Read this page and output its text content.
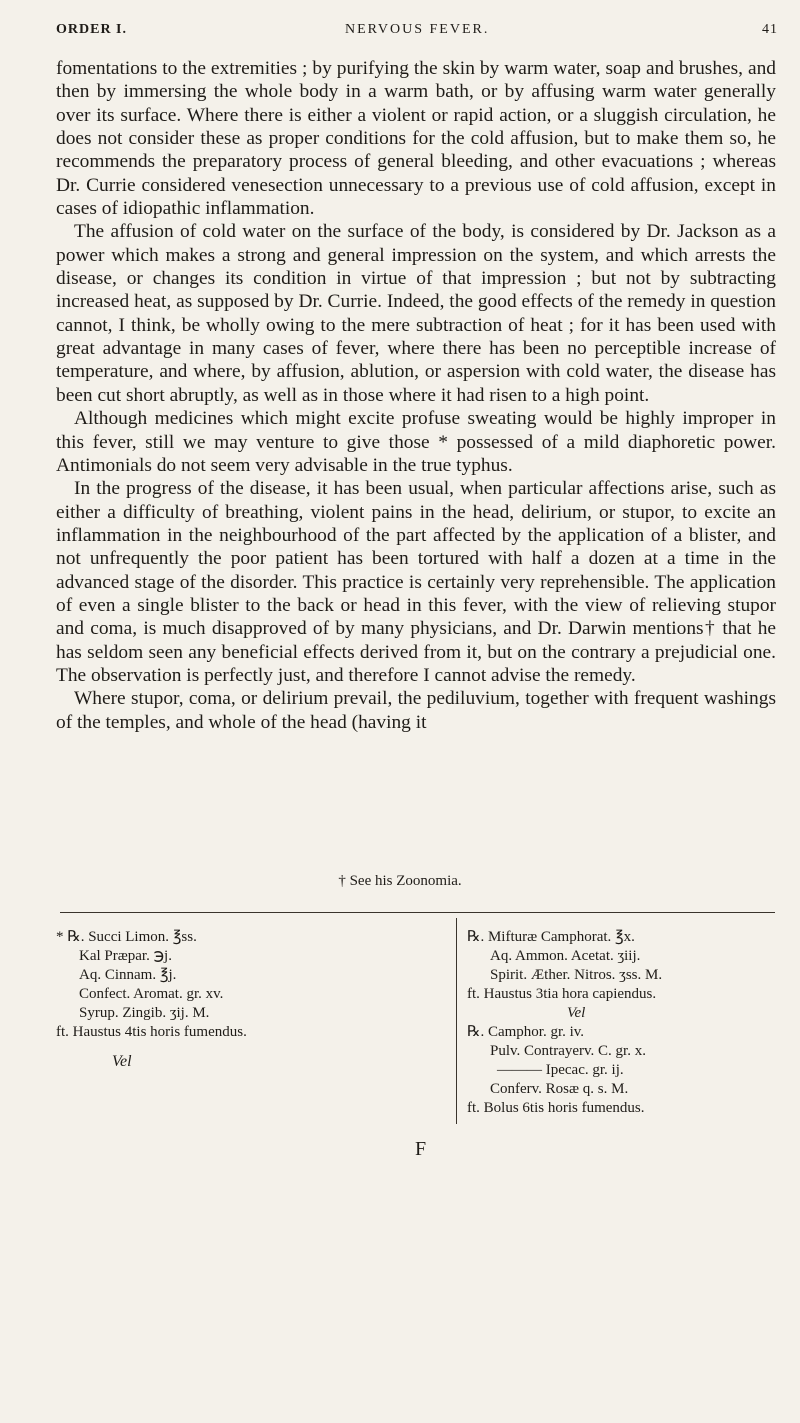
ORDER I.	NERVOUS FEVER.	41

fomentations to the extremities ; by purifying the skin by warm water, soap and brushes, and then by immersing the whole body in a warm bath, or by affusing warm water generally over its surface. Where there is either a violent or rapid action, or a sluggish circulation, he does not consider these as proper conditions for the cold affusion, but to make them so, he recommends the preparatory process of general bleeding, and other evacuations ; whereas Dr. Currie considered venesection unnecessary to a previous use of cold affusion, except in cases of idiopathic inflammation.

The affusion of cold water on the surface of the body, is considered by Dr. Jackson as a power which makes a strong and general impression on the system, and which arrests the disease, or changes its condition in virtue of that impression ; but not by subtracting increased heat, as supposed by Dr. Currie. Indeed, the good effects of the remedy in question cannot, I think, be wholly owing to the mere subtraction of heat ; for it has been used with great advantage in many cases of fever, where there has been no perceptible increase of temperature, and where, by affusion, ablution, or aspersion with cold water, the disease has been cut short abruptly, as well as in those where it had risen to a high point.

Although medicines which might excite profuse sweating would be highly improper in this fever, still we may venture to give those * possessed of a mild diaphoretic power. Antimonials do not seem very advisable in the true typhus.

In the progress of the disease, it has been usual, when particular affections arise, such as either a difficulty of breathing, violent pains in the head, delirium, or stupor, to excite an inflammation in the neighbourhood of the part affected by the application of a blister, and not unfrequently the poor patient has been tortured with half a dozen at a time in the advanced stage of the disorder. This practice is certainly very reprehensible. The application of even a single blister to the back or head in this fever, with the view of relieving stupor and coma, is much disapproved of by many physicians, and Dr. Darwin mentions† that he has seldom seen any beneficial effects derived from it, but on the contrary a prejudicial one. The observation is perfectly just, and therefore I cannot advise the remedy.

Where stupor, coma, or delirium prevail, the pediluvium, together with frequent washings of the temples, and whole of the head (having it

† See his Zoonomia.
* ℞. Succi Limon. ℥ss.
Kal Præpar. ℈j.
Aq. Cinnam. ℥j.
Confect. Aromat. gr. xv.
Syrup. Zingib. ʒij. M.
ft. Haustus 4tis horis fumendus.
Vel
℞. Mifturæ Camphorat. ℥x.
Aq. Ammon. Acetat. ʒiij.
Spirit. Æther. Nitros. ʒss. M.
ft. Haustus 3tia hora capiendus.
Vel
℞. Camphor. gr. iv.
Pulv. Contrayerv. C. gr. x.
——— Ipecac. gr. ij.
Conferv. Rosæ q. s. M.
ft. Bolus 6tis horis fumendus.
F
